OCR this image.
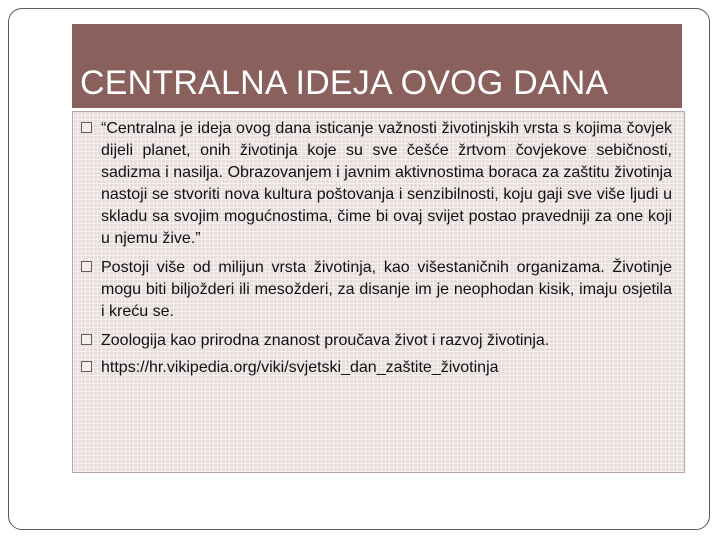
CENTRALNA IDEJA OVOG DANA

“Centralna je ideja ovog dana isticanje važnosti životinjskih vrsta s kojima čovjek dijeli planet, onih životinja koje su sve češće žrtvom čovjekove sebičnosti, sadizma i nasilja. Obrazovanjem i javnim aktivnostima boraca za zaštitu životinja nastoji se stvoriti nova kultura poštovanja i senzibilnosti, koju gaji sve više ljudi u skladu sa svojim mogućnostima, čime bi ovaj svijet postao pravedniji za one koji u njemu žive.”

Postoji više od milijun vrsta životinja, kao višestaničnih organizama. Životinje mogu biti biljožderi ili mesožderi, za disanje im je neophodan kisik, imaju osjetila i kreću se.

Zoologija kao prirodna znanost proučava život i razvoj životinja.

https://hr.vikipedia.org/viki/svjetski_dan_zaštite_životinja
